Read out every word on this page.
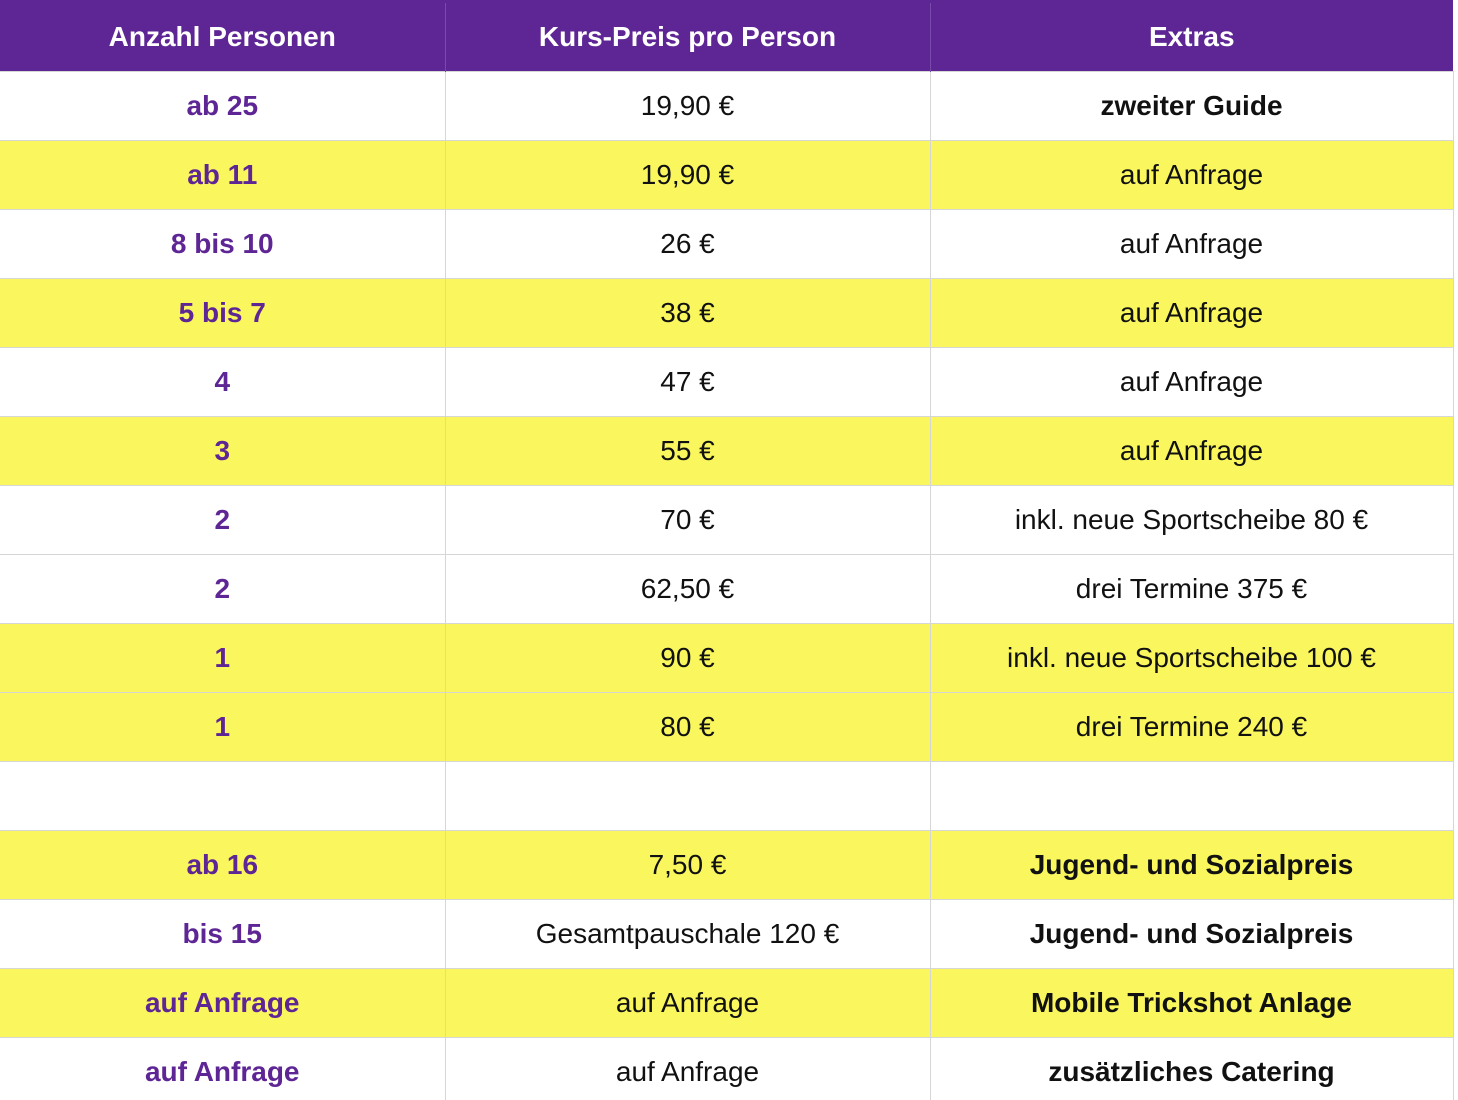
Anzahl Personen	Kurs-Preis pro Person	Extras
ab 25	19,90 €	zweiter Guide
ab 11	19,90 €	auf Anfrage
8 bis 10	26 €	auf Anfrage
5 bis 7	38 €	auf Anfrage
4	47 €	auf Anfrage
3	55 €	auf Anfrage
2	70 €	inkl. neue Sportscheibe 80 €
2	62,50 €	drei Termine 375 €
1	90 €	inkl. neue Sportscheibe 100 €
1	80 €	drei Termine 240 €

ab 16	7,50 €	Jugend- und Sozialpreis
bis 15	Gesamtpauschale 120 €	Jugend- und Sozialpreis
auf Anfrage	auf Anfrage	Mobile Trickshot Anlage
auf Anfrage	auf Anfrage	zusätzliches Catering
